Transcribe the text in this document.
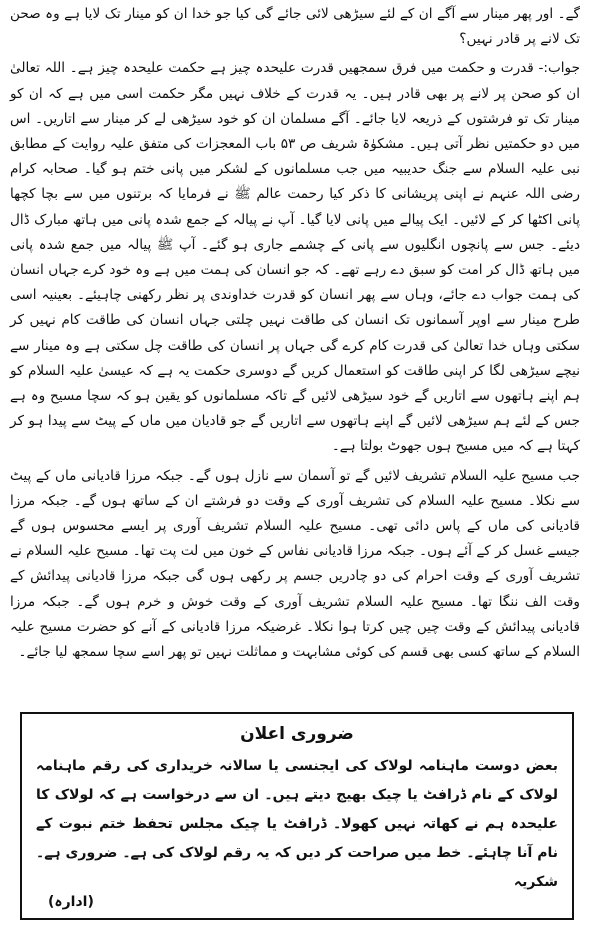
گے۔ اور پھر مینار سے آگے ان کے لئے سیڑھی لائی جائے گی کیا جو خدا ان کو مینار تک لایا ہے وہ صحن تک لانے پر قادر نہیں؟

جواب:- قدرت و حکمت میں فرق سمجھیں قدرت علیحدہ چیز ہے حکمت علیحدہ چیز ہے۔ اللہ تعالیٰ ان کو صحن پر لانے پر بھی قادر ہیں۔ یہ قدرت کے خلاف نہیں مگر حکمت اسی میں ہے کہ ان کو مینار تک تو فرشتوں کے ذریعہ لایا جائے۔ آگے مسلمان ان کو خود سیڑھی لے کر مینار سے اتاریں۔ اس میں دو حکمتیں نظر آتی ہیں۔ مشکوٰۃ شریف ص ۵۳ باب المعجزات کی متفق علیہ روایت کے مطابق نبی علیہ السلام سے جنگ حدیبیہ میں جب مسلمانوں کے لشکر میں پانی ختم ہو گیا۔ صحابہ کرام رضی اللہ عنہم نے اپنی پریشانی کا ذکر کیا رحمت عالم ﷺ نے فرمایا کہ برتنوں میں سے بچا کچھا پانی اکٹھا کر کے لائیں۔ ایک پیالے میں پانی لایا گیا۔ آپ نے پیالہ کے جمع شدہ پانی میں ہاتھ مبارک ڈال دیئے۔ جس سے پانچوں انگلیوں سے پانی کے چشمے جاری ہو گئے۔ آپ ﷺ پیالہ میں جمع شدہ پانی میں ہاتھ ڈال کر امت کو سبق دے رہے تھے۔ کہ جو انسان کی ہمت میں ہے وہ خود کرے جہاں انسان کی ہمت جواب دے جائے، وہاں سے پھر انسان کو قدرت خداوندی پر نظر رکھنی چاہیئے۔ بعینیہ اسی طرح مینار سے اوپر آسمانوں تک انسان کی طاقت نہیں چلتی جہاں انسان کی طاقت کام نہیں کر سکتی وہاں خدا تعالیٰ کی قدرت کام کرے گی جہاں پر انسان کی طاقت چل سکتی ہے وہ مینار سے نیچے سیڑھی لگا کر اپنی طاقت کو استعمال کریں گے دوسری حکمت یہ ہے کہ عیسیٰ علیہ السلام کو ہم اپنے ہاتھوں سے اتاریں گے خود سیڑھی لائیں گے تاکہ مسلمانوں کو یقین ہو کہ سچا مسیح وہ ہے جس کے لئے ہم سیڑھی لائیں گے اپنے ہاتھوں سے اتاریں گے جو قادیان میں ماں کے پیٹ سے پیدا ہو کر کہتا ہے کہ میں مسیح ہوں جھوٹ بولتا ہے۔

جب مسیح علیہ السلام تشریف لائیں گے تو آسمان سے نازل ہوں گے۔ جبکہ مرزا قادیانی ماں کے پیٹ سے نکلا۔ مسیح علیہ السلام کی تشریف آوری کے وقت دو فرشتے ان کے ساتھ ہوں گے۔ جبکہ مرزا قادیانی کی ماں کے پاس دائی تھی۔ مسیح علیہ السلام تشریف آوری پر ایسے محسوس ہوں گے جیسے غسل کر کے آئے ہوں۔ جبکہ مرزا قادیانی نفاس کے خون میں لت پت تھا۔ مسیح علیہ السلام نے تشریف آوری کے وقت احرام کی دو چادریں جسم پر رکھی ہوں گی جبکہ مرزا قادیانی پیدائش کے وقت الف ننگا تھا۔ مسیح علیہ السلام تشریف آوری کے وقت خوش و خرم ہوں گے۔ جبکہ مرزا قادیانی پیدائش کے وقت چیں چیں کرتا ہوا نکلا۔ غرضیکہ مرزا قادیانی کے آنے کو حضرت مسیح علیہ السلام کے ساتھ کسی بھی قسم کی کوئی مشابہت و مماثلت نہیں تو پھر اسے سچا سمجھ لیا جائے۔

ضروری اعلان

بعض دوست ماہنامہ لولاک کی ایجنسی یا سالانہ خریداری کی رقم ماہنامہ لولاک کے نام ڈرافٹ یا چیک بھیج دیتے ہیں۔ ان سے درخواست ہے کہ لولاک کا علیحدہ ہم نے کھاتہ نہیں کھولا۔ ڈرافٹ یا چیک مجلس تحفظ ختم نبوت کے نام آنا چاہئے۔ خط میں صراحت کر دیں کہ یہ رقم لولاک کی ہے۔ ضروری ہے۔ شکریہ

(ادارہ)
